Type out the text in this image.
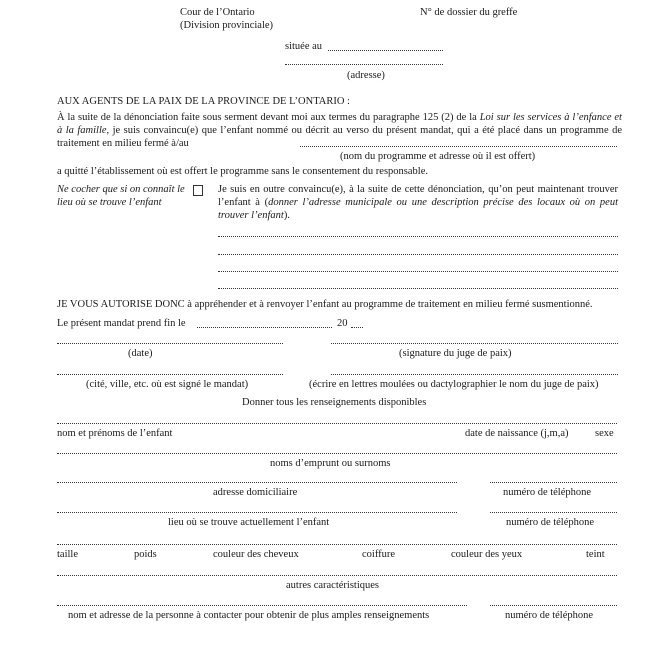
Cour de l’Ontario
(Division provinciale)
N° de dossier du greffe
située au
(adresse)
AUX AGENTS DE LA PAIX DE LA PROVINCE DE L’ONTARIO :
À la suite de la dénonciation faite sous serment devant moi aux termes du paragraphe 125 (2) de la Loi sur les services à l’enfance et à la famille, je suis convaincu(e) que l’enfant nommé ou décrit au verso du présent mandat, qui a été placé dans un programme de traitement en milieu fermé à/au
(nom du programme et adresse où il est offert)
a quitté l’établissement où est offert le programme sans le consentement du responsable.
Ne cocher que si on connaît le lieu où se trouve l’enfant
Je suis en outre convaincu(e), à la suite de cette dénonciation, qu’on peut maintenant trouver l’enfant à (donner l’adresse municipale ou une description précise des locaux où on peut trouver l’enfant).
JE VOUS AUTORISE DONC à appréhender et à renvoyer l’enfant au programme de traitement en milieu fermé susmentionné.
Le présent mandat prend fin le	20
(date)	(signature du juge de paix)
(cité, ville, etc. où est signé le mandat)	(écrire en lettres moulées ou dactylographier le nom du juge de paix)
Donner tous les renseignements disponibles
nom et prénoms de l’enfant	date de naissance (j,m,a)	sexe
noms d’emprunt ou surnoms
adresse domiciliaire	numéro de téléphone
lieu où se trouve actuellement l’enfant	numéro de téléphone
taille	poids	couleur des cheveux	coiffure	couleur des yeux	teint
autres caractéristiques
nom et adresse de la personne à contacter pour obtenir de plus amples renseignements	numéro de téléphone
